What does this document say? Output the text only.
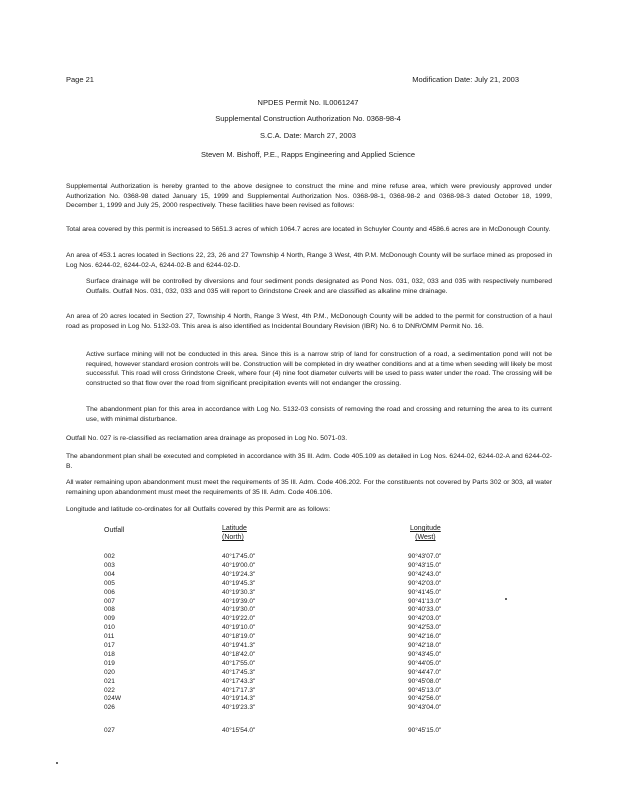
Page 21	Modification Date: July 21, 2003
NPDES Permit No. IL0061247
Supplemental Construction Authorization No. 0368-98-4
S.C.A. Date: March 27, 2003
Steven M. Bishoff, P.E., Rapps Engineering and Applied Science
Supplemental Authorization is hereby granted to the above designee to construct the mine and mine refuse area, which were previously approved under Authorization No. 0368-98 dated January 15, 1999 and Supplemental Authorization Nos. 0368-98-1, 0368-98-2 and 0368-98-3 dated October 18, 1999, December 1, 1999 and July 25, 2000 respectively. These facilities have been revised as follows:
Total area covered by this permit is increased to 5651.3 acres of which 1064.7 acres are located in Schuyler County and 4586.6 acres are in McDonough County.
An area of 453.1 acres located in Sections 22, 23, 26 and 27 Township 4 North, Range 3 West, 4th P.M. McDonough County will be surface mined as proposed in Log Nos. 6244-02, 6244-02-A, 6244-02-B and 6244-02-D.
Surface drainage will be controlled by diversions and four sediment ponds designated as Pond Nos. 031, 032, 033 and 035 with respectively numbered Outfalls. Outfall Nos. 031, 032, 033 and 035 will report to Grindstone Creek and are classified as alkaline mine drainage.
An area of 20 acres located in Section 27, Township 4 North, Range 3 West, 4th P.M., McDonough County will be added to the permit for construction of a haul road as proposed in Log No. 5132-03. This area is also identified as Incidental Boundary Revision (IBR) No. 6 to DNR/OMM Permit No. 16.
Active surface mining will not be conducted in this area. Since this is a narrow strip of land for construction of a road, a sedimentation pond will not be required, however standard erosion controls will be. Construction will be completed in dry weather conditions and at a time when seeding will likely be most successful. This road will cross Grindstone Creek, where four (4) nine foot diameter culverts will be used to pass water under the road. The crossing will be constructed so that flow over the road from significant precipitation events will not endanger the crossing.
The abandonment plan for this area in accordance with Log No. 5132-03 consists of removing the road and crossing and returning the area to its current use, with minimal disturbance.
Outfall No. 027 is re-classified as reclamation area drainage as proposed in Log No. 5071-03.
The abandonment plan shall be executed and completed in accordance with 35 Ill. Adm. Code 405.109 as detailed in Log Nos. 6244-02, 6244-02-A and 6244-02-B.
All water remaining upon abandonment must meet the requirements of 35 Ill. Adm. Code 406.202. For the constituents not covered by Parts 302 or 303, all water remaining upon abandonment must meet the requirements of 35 Ill. Adm. Code 406.106.
Longitude and latitude co-ordinates for all Outfalls covered by this Permit are as follows:
Outfall	Latitude
(North)
Longitude
(West)
002	40°17'45.0"	90°43'07.0"
003	40°19'00.0"	90°43'15.0"
004	40°19'24.3"	90°42'43.0"
005	40°19'45.3"	90°42'03.0"
006	40°19'30.3"	90°41'45.0"
007	40°19'39.0"	90°41'13.0"
008	40°19'30.0"	90°40'33.0"
009	40°19'22.0"	90°42'03.0"
010	40°19'10.0"	90°42'53.0"
011	40°18'19.0"	90°42'16.0"
017	40°19'41.3"	90°42'18.0"
018	40°18'42.0"	90°43'45.0"
019	40°17'55.0"	90°44'05.0"
020	40°17'45.3"	90°44'47.0"
021	40°17'43.3"	90°45'08.0"
022	40°17'17.3"	90°45'13.0"
024W	40°19'14.3"	90°42'56.0"
026	40°19'23.3"	90°43'04.0"
027	40°15'54.0"	90°45'15.0"
